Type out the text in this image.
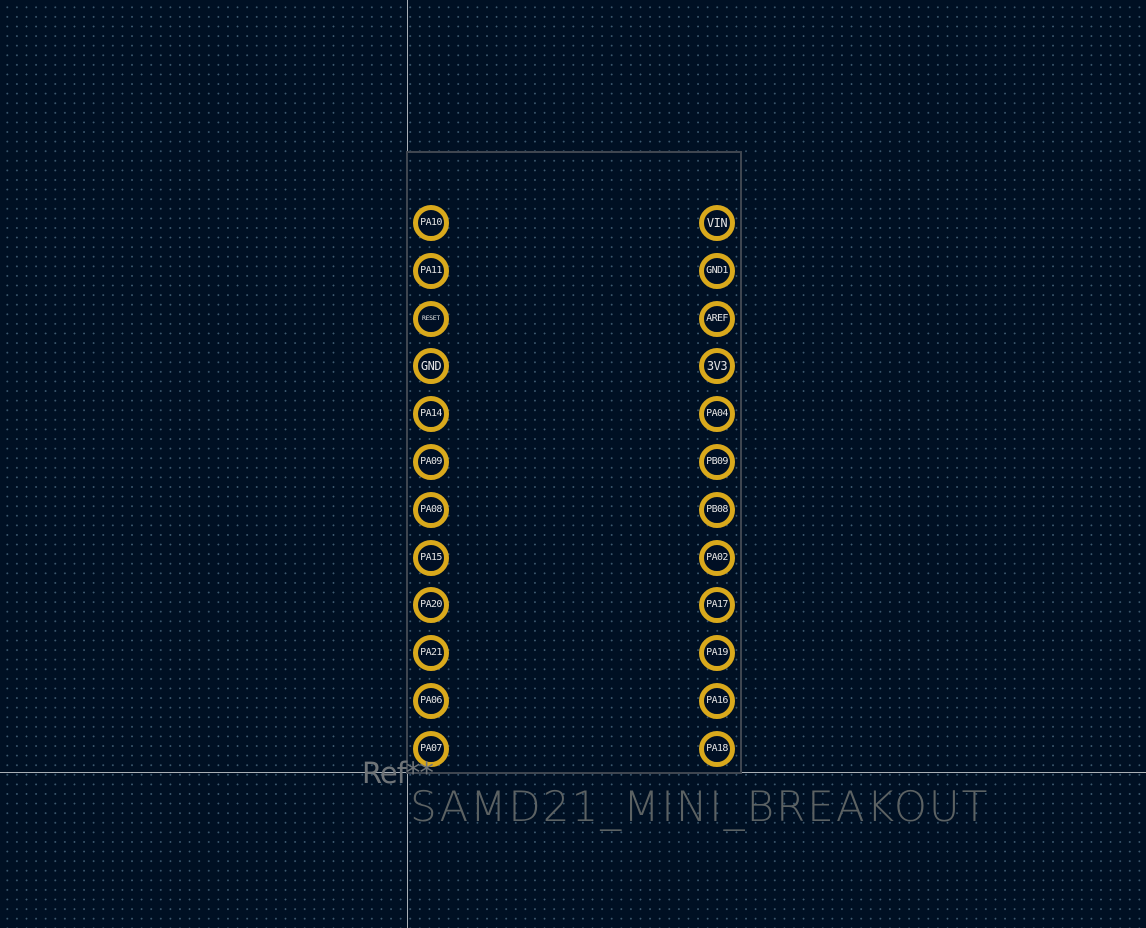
PA10
PA11
RESET
GND
PA14
PA09
PA08
PA15
PA20
PA21
PA06
PA07
VIN
GND1
AREF
3V3
PA04
PB09
PB08
PA02
PA17
PA19
PA16
PA18
Ref**
SAMD21_MINI_BREAKOUT
